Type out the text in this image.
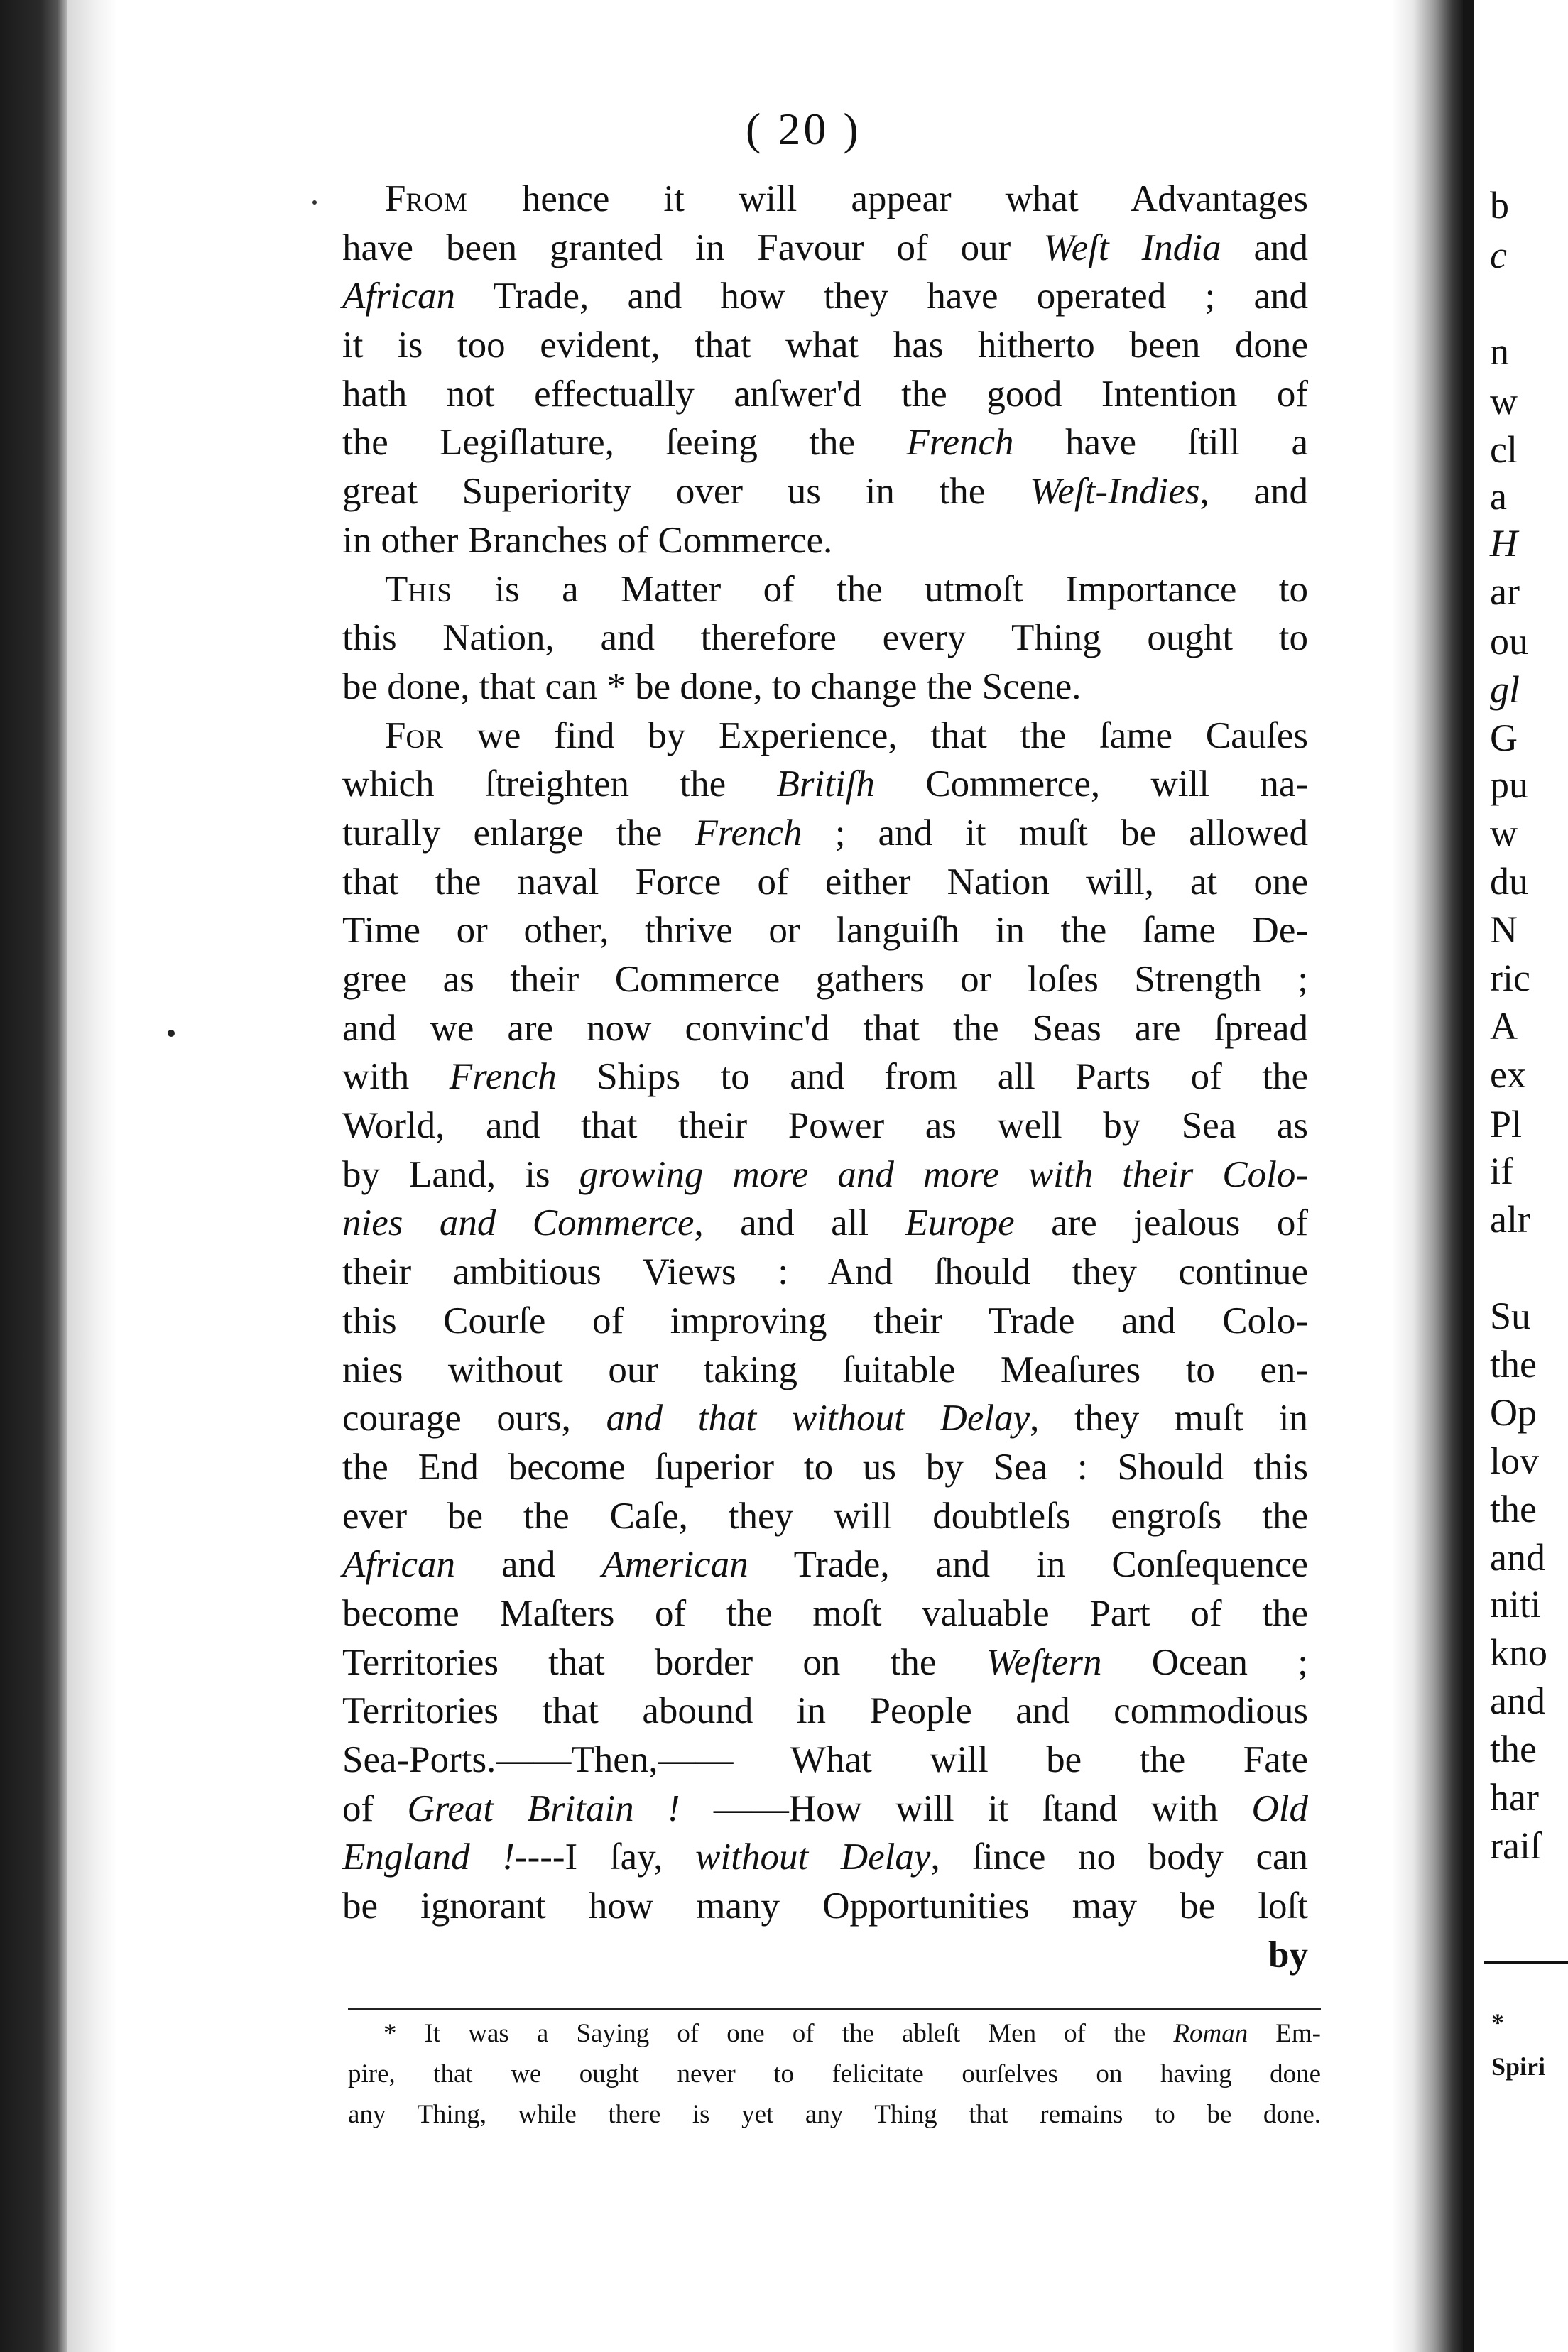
( 20 )
From hence it will appear what Advantages
have been granted in Favour of our Weſt India and
African Trade, and how they have operated ; and
it is too evident, that what has hitherto been done
hath not effectually anſwer'd the good Intention of
the Legiſlature, ſeeing the French have ſtill a
great Superiority over us in the Weſt-Indies, and
in other Branches of Commerce.
This is a Matter of the utmoſt Importance to
this Nation, and therefore every Thing ought to
be done, that can * be done, to change the Scene.
For we find by Experience, that the ſame Cauſes
which ſtreighten the Britiſh Commerce, will na-
turally enlarge the French ; and it muſt be allowed
that the naval Force of either Nation will, at one
Time or other, thrive or languiſh in the ſame De-
gree as their Commerce gathers or loſes Strength ;
and we are now convinc'd that the Seas are ſpread
with French Ships to and from all Parts of the
World, and that their Power as well by Sea as
by Land, is growing more and more with their Colo-
nies and Commerce, and all Europe are jealous of
their ambitious Views : And ſhould they continue
this Courſe of improving their Trade and Colo-
nies without our taking ſuitable Meaſures to en-
courage ours, and that without Delay, they muſt in
the End become ſuperior to us by Sea : Should this
ever be the Caſe, they will doubtleſs engroſs the
African and American Trade, and in Conſequence
become Maſters of the moſt valuable Part of the
Territories that border on the Weſtern Ocean ;
Territories that abound in People and commodious
Sea-Ports.——Then,—— What will be the Fate
of Great Britain ! ——How will it ſtand with Old
England !----I ſay, without Delay, ſince no body can
be ignorant how many Opportunities may be loſt
by
* It was a Saying of one of the ableſt Men of the Roman Em-
pire, that we ought never to felicitate ourſelves on having done
any Thing, while there is yet any Thing that remains to be done.
b
c
n
w
cl
a
H
ar
ou
gl
G
pu
w
du
N
ric
A
ex
Pl
if
alr
Su
the
Op
lov
the
and
niti
kno
and
the
har
raiſ
*
Spiri
